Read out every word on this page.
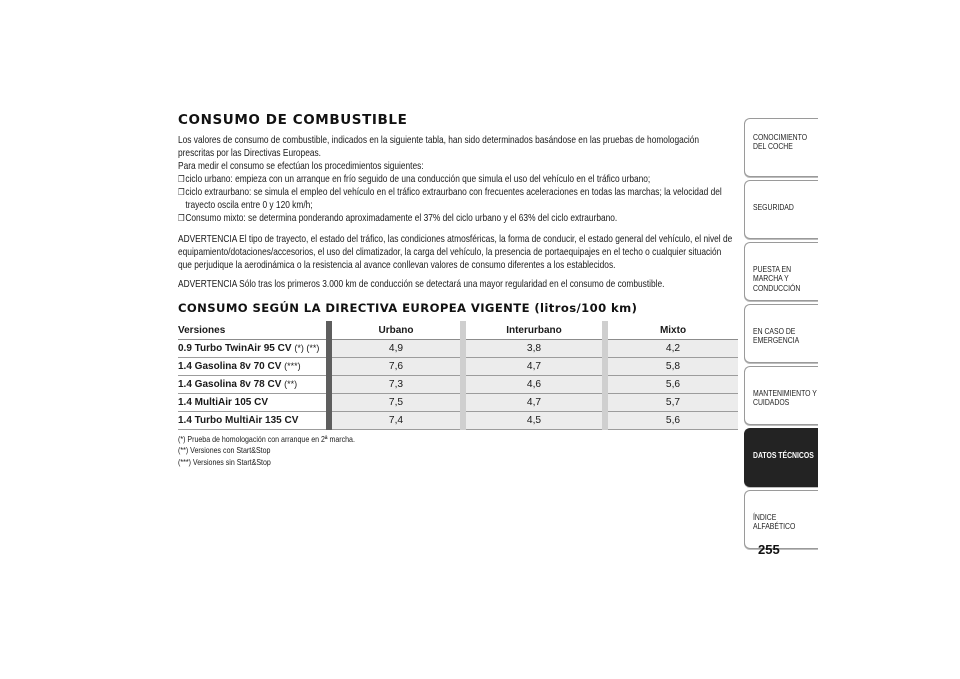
CONSUMO DE COMBUSTIBLE

Los valores de consumo de combustible, indicados en la siguiente tabla, han sido determinados basándose en las pruebas de homologación prescritas por las Directivas Europeas.

Para medir el consumo se efectúan los procedimientos siguientes:

❒ ciclo urbano: empieza con un arranque en frío seguido de una conducción que simula el uso del vehículo en el tráfico urbano;
❒ ciclo extraurbano: se simula el empleo del vehículo en el tráfico extraurbano con frecuentes aceleraciones en todas las marchas; la velocidad del trayecto oscila entre 0 y 120 km/h;
❒ Consumo mixto: se determina ponderando aproximadamente el 37% del ciclo urbano y el 63% del ciclo extraurbano.

ADVERTENCIA El tipo de trayecto, el estado del tráfico, las condiciones atmosféricas, la forma de conducir, el estado general del vehículo, el nivel de equipamiento/dotaciones/accesorios, el uso del climatizador, la carga del vehículo, la presencia de portaequipajes en el techo o cualquier situación que perjudique la aerodinámica o la resistencia al avance conllevan valores de consumo diferentes a los establecidos.

ADVERTENCIA Sólo tras los primeros 3.000 km de conducción se detectará una mayor regularidad en el consumo de combustible.

CONSUMO SEGÚN LA DIRECTIVA EUROPEA VIGENTE (litros/100 km)
Versiones		Urbano		Interurbano		Mixto
0.9 Turbo TwinAir 95 CV (*) (**)		4,9		3,8		4,2
1.4 Gasolina 8v 70 CV (***)		7,6		4,7		5,8
1.4 Gasolina 8v 78 CV (**)		7,3		4,6		5,6
1.4 MultiAir 105 CV		7,5		4,7		5,7
1.4 Turbo MultiAir 135 CV		7,4		4,5		5,6

(*) Prueba de homologación con arranque en 2ª marcha.

(**) Versiones con Start&Stop

(***) Versiones sin Start&Stop

CONOCIMIENTO DEL COCHE
SEGURIDAD
PUESTA EN MARCHA Y CONDUCCIÓN
EN CASO DE EMERGENCIA
MANTENIMIENTO Y CUIDADOS
DATOS TÉCNICOS
ÍNDICE ALFABÉTICO
255
